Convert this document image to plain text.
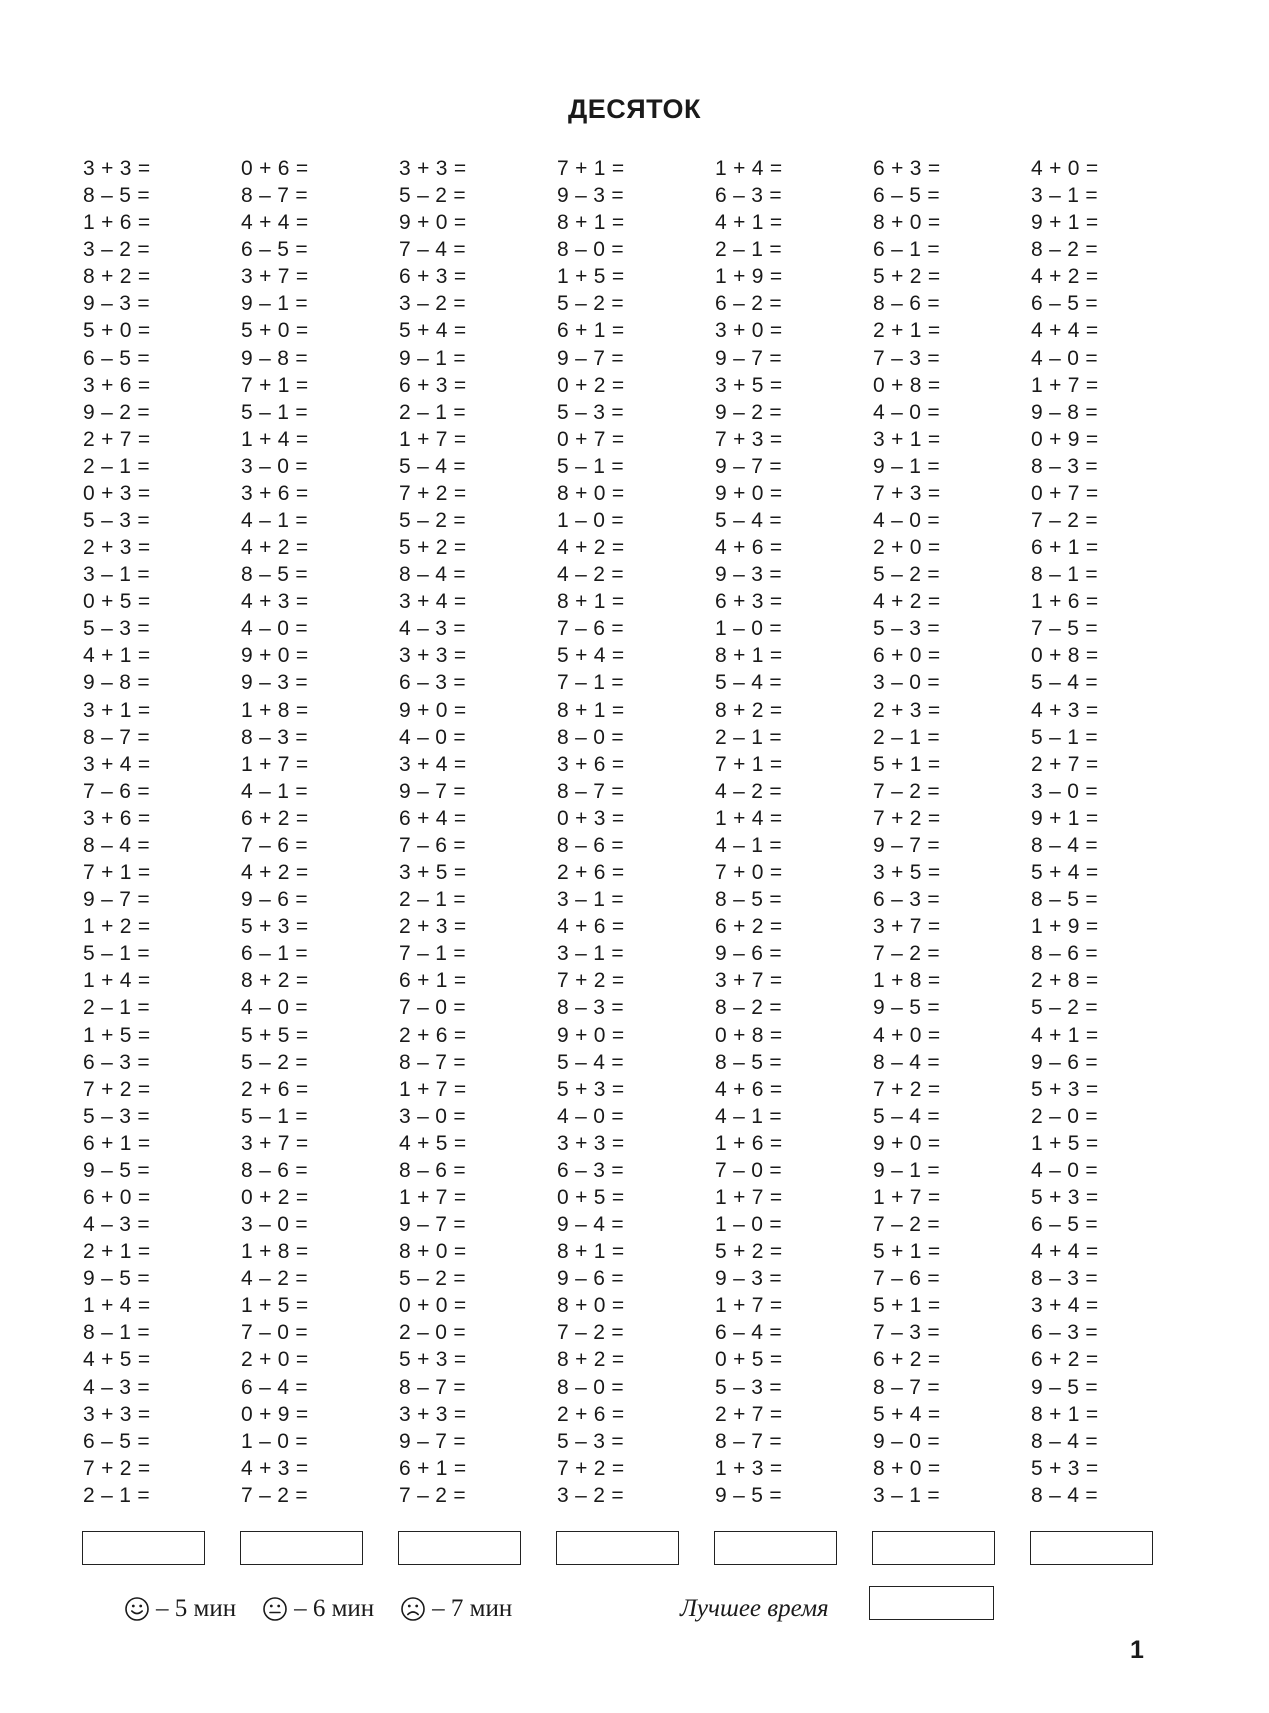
ДЕСЯТОК
3 + 3 =
8 – 5 =
1 + 6 =
3 – 2 =
8 + 2 =
9 – 3 =
5 + 0 =
6 – 5 =
3 + 6 =
9 – 2 =
2 + 7 =
2 – 1 =
0 + 3 =
5 – 3 =
2 + 3 =
3 – 1 =
0 + 5 =
5 – 3 =
4 + 1 =
9 – 8 =
3 + 1 =
8 – 7 =
3 + 4 =
7 – 6 =
3 + 6 =
8 – 4 =
7 + 1 =
9 – 7 =
1 + 2 =
5 – 1 =
1 + 4 =
2 – 1 =
1 + 5 =
6 – 3 =
7 + 2 =
5 – 3 =
6 + 1 =
9 – 5 =
6 + 0 =
4 – 3 =
2 + 1 =
9 – 5 =
1 + 4 =
8 – 1 =
4 + 5 =
4 – 3 =
3 + 3 =
6 – 5 =
7 + 2 =
2 – 1 =
0 + 6 =
8 – 7 =
4 + 4 =
6 – 5 =
3 + 7 =
9 – 1 =
5 + 0 =
9 – 8 =
7 + 1 =
5 – 1 =
1 + 4 =
3 – 0 =
3 + 6 =
4 – 1 =
4 + 2 =
8 – 5 =
4 + 3 =
4 – 0 =
9 + 0 =
9 – 3 =
1 + 8 =
8 – 3 =
1 + 7 =
4 – 1 =
6 + 2 =
7 – 6 =
4 + 2 =
9 – 6 =
5 + 3 =
6 – 1 =
8 + 2 =
4 – 0 =
5 + 5 =
5 – 2 =
2 + 6 =
5 – 1 =
3 + 7 =
8 – 6 =
0 + 2 =
3 – 0 =
1 + 8 =
4 – 2 =
1 + 5 =
7 – 0 =
2 + 0 =
6 – 4 =
0 + 9 =
1 – 0 =
4 + 3 =
7 – 2 =
3 + 3 =
5 – 2 =
9 + 0 =
7 – 4 =
6 + 3 =
3 – 2 =
5 + 4 =
9 – 1 =
6 + 3 =
2 – 1 =
1 + 7 =
5 – 4 =
7 + 2 =
5 – 2 =
5 + 2 =
8 – 4 =
3 + 4 =
4 – 3 =
3 + 3 =
6 – 3 =
9 + 0 =
4 – 0 =
3 + 4 =
9 – 7 =
6 + 4 =
7 – 6 =
3 + 5 =
2 – 1 =
2 + 3 =
7 – 1 =
6 + 1 =
7 – 0 =
2 + 6 =
8 – 7 =
1 + 7 =
3 – 0 =
4 + 5 =
8 – 6 =
1 + 7 =
9 – 7 =
8 + 0 =
5 – 2 =
0 + 0 =
2 – 0 =
5 + 3 =
8 – 7 =
3 + 3 =
9 – 7 =
6 + 1 =
7 – 2 =
7 + 1 =
9 – 3 =
8 + 1 =
8 – 0 =
1 + 5 =
5 – 2 =
6 + 1 =
9 – 7 =
0 + 2 =
5 – 3 =
0 + 7 =
5 – 1 =
8 + 0 =
1 – 0 =
4 + 2 =
4 – 2 =
8 + 1 =
7 – 6 =
5 + 4 =
7 – 1 =
8 + 1 =
8 – 0 =
3 + 6 =
8 – 7 =
0 + 3 =
8 – 6 =
2 + 6 =
3 – 1 =
4 + 6 =
3 – 1 =
7 + 2 =
8 – 3 =
9 + 0 =
5 – 4 =
5 + 3 =
4 – 0 =
3 + 3 =
6 – 3 =
0 + 5 =
9 – 4 =
8 + 1 =
9 – 6 =
8 + 0 =
7 – 2 =
8 + 2 =
8 – 0 =
2 + 6 =
5 – 3 =
7 + 2 =
3 – 2 =
1 + 4 =
6 – 3 =
4 + 1 =
2 – 1 =
1 + 9 =
6 – 2 =
3 + 0 =
9 – 7 =
3 + 5 =
9 – 2 =
7 + 3 =
9 – 7 =
9 + 0 =
5 – 4 =
4 + 6 =
9 – 3 =
6 + 3 =
1 – 0 =
8 + 1 =
5 – 4 =
8 + 2 =
2 – 1 =
7 + 1 =
4 – 2 =
1 + 4 =
4 – 1 =
7 + 0 =
8 – 5 =
6 + 2 =
9 – 6 =
3 + 7 =
8 – 2 =
0 + 8 =
8 – 5 =
4 + 6 =
4 – 1 =
1 + 6 =
7 – 0 =
1 + 7 =
1 – 0 =
5 + 2 =
9 – 3 =
1 + 7 =
6 – 4 =
0 + 5 =
5 – 3 =
2 + 7 =
8 – 7 =
1 + 3 =
9 – 5 =
6 + 3 =
6 – 5 =
8 + 0 =
6 – 1 =
5 + 2 =
8 – 6 =
2 + 1 =
7 – 3 =
0 + 8 =
4 – 0 =
3 + 1 =
9 – 1 =
7 + 3 =
4 – 0 =
2 + 0 =
5 – 2 =
4 + 2 =
5 – 3 =
6 + 0 =
3 – 0 =
2 + 3 =
2 – 1 =
5 + 1 =
7 – 2 =
7 + 2 =
9 – 7 =
3 + 5 =
6 – 3 =
3 + 7 =
7 – 2 =
1 + 8 =
9 – 5 =
4 + 0 =
8 – 4 =
7 + 2 =
5 – 4 =
9 + 0 =
9 – 1 =
1 + 7 =
7 – 2 =
5 + 1 =
7 – 6 =
5 + 1 =
7 – 3 =
6 + 2 =
8 – 7 =
5 + 4 =
9 – 0 =
8 + 0 =
3 – 1 =
4 + 0 =
3 – 1 =
9 + 1 =
8 – 2 =
4 + 2 =
6 – 5 =
4 + 4 =
4 – 0 =
1 + 7 =
9 – 8 =
0 + 9 =
8 – 3 =
0 + 7 =
7 – 2 =
6 + 1 =
8 – 1 =
1 + 6 =
7 – 5 =
0 + 8 =
5 – 4 =
4 + 3 =
5 – 1 =
2 + 7 =
3 – 0 =
9 + 1 =
8 – 4 =
5 + 4 =
8 – 5 =
1 + 9 =
8 – 6 =
2 + 8 =
5 – 2 =
4 + 1 =
9 – 6 =
5 + 3 =
2 – 0 =
1 + 5 =
4 – 0 =
5 + 3 =
6 – 5 =
4 + 4 =
8 – 3 =
3 + 4 =
6 – 3 =
6 + 2 =
9 – 5 =
8 + 1 =
8 – 4 =
5 + 3 =
8 – 4 =
– 5 мин – 6 мин – 7 мин	Лучшее время
1
